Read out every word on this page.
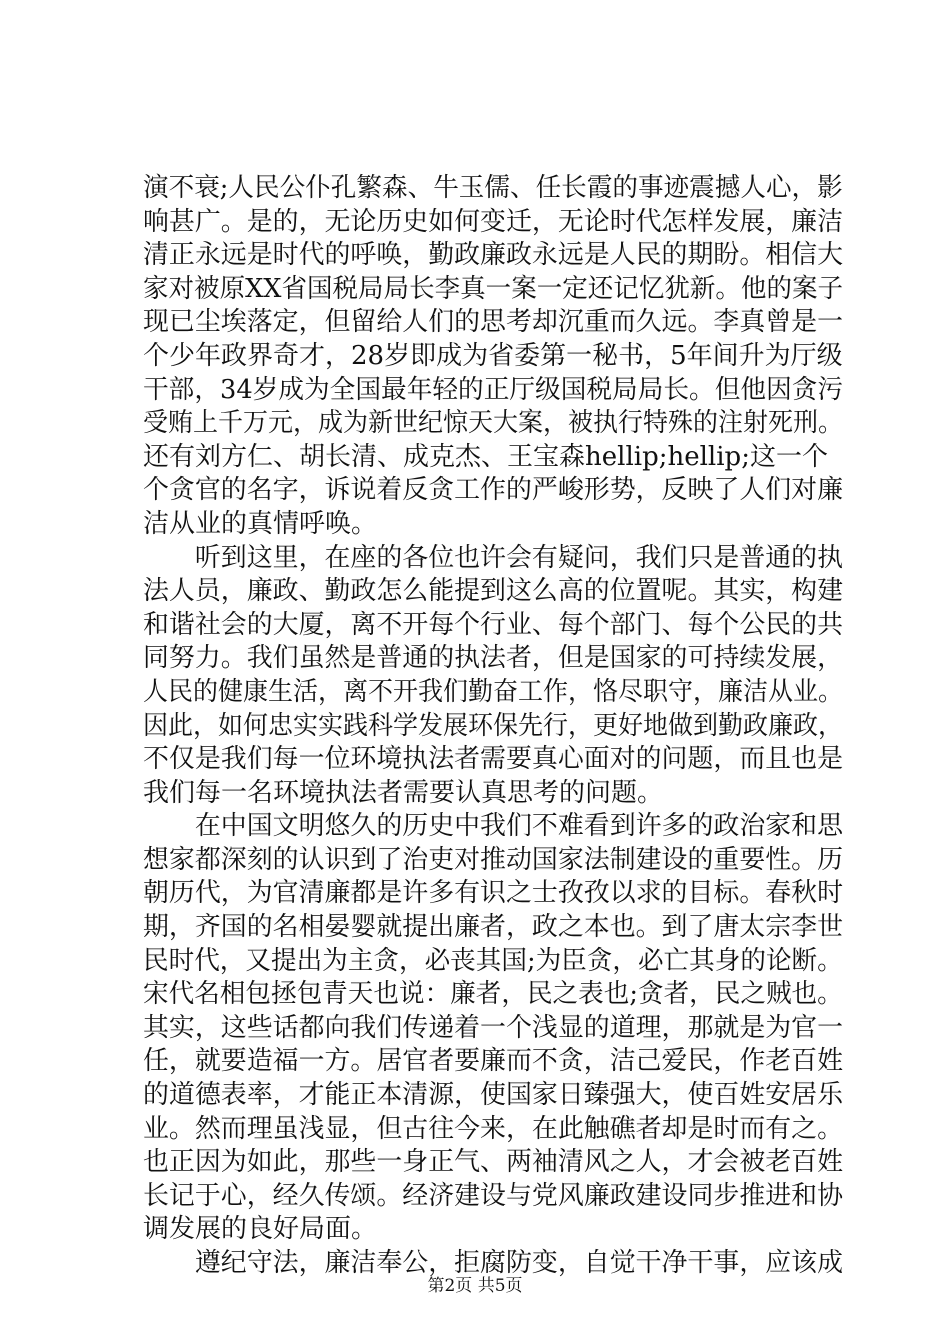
演不衰;人民公仆孔繁森、牛玉儒、任长霞的事迹震撼人心，影
响甚广。是的，无论历史如何变迁，无论时代怎样发展，廉洁
清正永远是时代的呼唤，勤政廉政永远是人民的期盼。相信大
家对被原XX省国税局局长李真一案一定还记忆犹新。他的案子
现已尘埃落定，但留给人们的思考却沉重而久远。李真曾是一
个少年政界奇才，28岁即成为省委第一秘书，5年间升为厅级
干部，34岁成为全国最年轻的正厅级国税局局长。但他因贪污
受贿上千万元，成为新世纪惊天大案，被执行特殊的注射死刑。
还有刘方仁、胡长清、成克杰、王宝森hellip;hellip;这一个
个贪官的名字，诉说着反贪工作的严峻形势，反映了人们对廉
洁从业的真情呼唤。
　　听到这里，在座的各位也许会有疑问，我们只是普通的执
法人员，廉政、勤政怎么能提到这么高的位置呢。其实，构建
和谐社会的大厦，离不开每个行业、每个部门、每个公民的共
同努力。我们虽然是普通的执法者，但是国家的可持续发展，
人民的健康生活，离不开我们勤奋工作，恪尽职守，廉洁从业。
因此，如何忠实实践科学发展环保先行，更好地做到勤政廉政，
不仅是我们每一位环境执法者需要真心面对的问题，而且也是
我们每一名环境执法者需要认真思考的问题。
　　在中国文明悠久的历史中我们不难看到许多的政治家和思
想家都深刻的认识到了治吏对推动国家法制建设的重要性。历
朝历代，为官清廉都是许多有识之士孜孜以求的目标。春秋时
期，齐国的名相晏婴就提出廉者，政之本也。到了唐太宗李世
民时代，又提出为主贪，必丧其国;为臣贪，必亡其身的论断。
宋代名相包拯包青天也说：廉者，民之表也;贪者，民之贼也。
其实，这些话都向我们传递着一个浅显的道理，那就是为官一
任，就要造福一方。居官者要廉而不贪，洁己爱民，作老百姓
的道德表率，才能正本清源，使国家日臻强大，使百姓安居乐
业。然而理虽浅显，但古往今来，在此触礁者却是时而有之。
也正因为如此，那些一身正气、两袖清风之人，才会被老百姓
长记于心，经久传颂。经济建设与党风廉政建设同步推进和协
调发展的良好局面。
　　遵纪守法，廉洁奉公，拒腐防变，自觉干净干事，应该成
第2页 共5页
